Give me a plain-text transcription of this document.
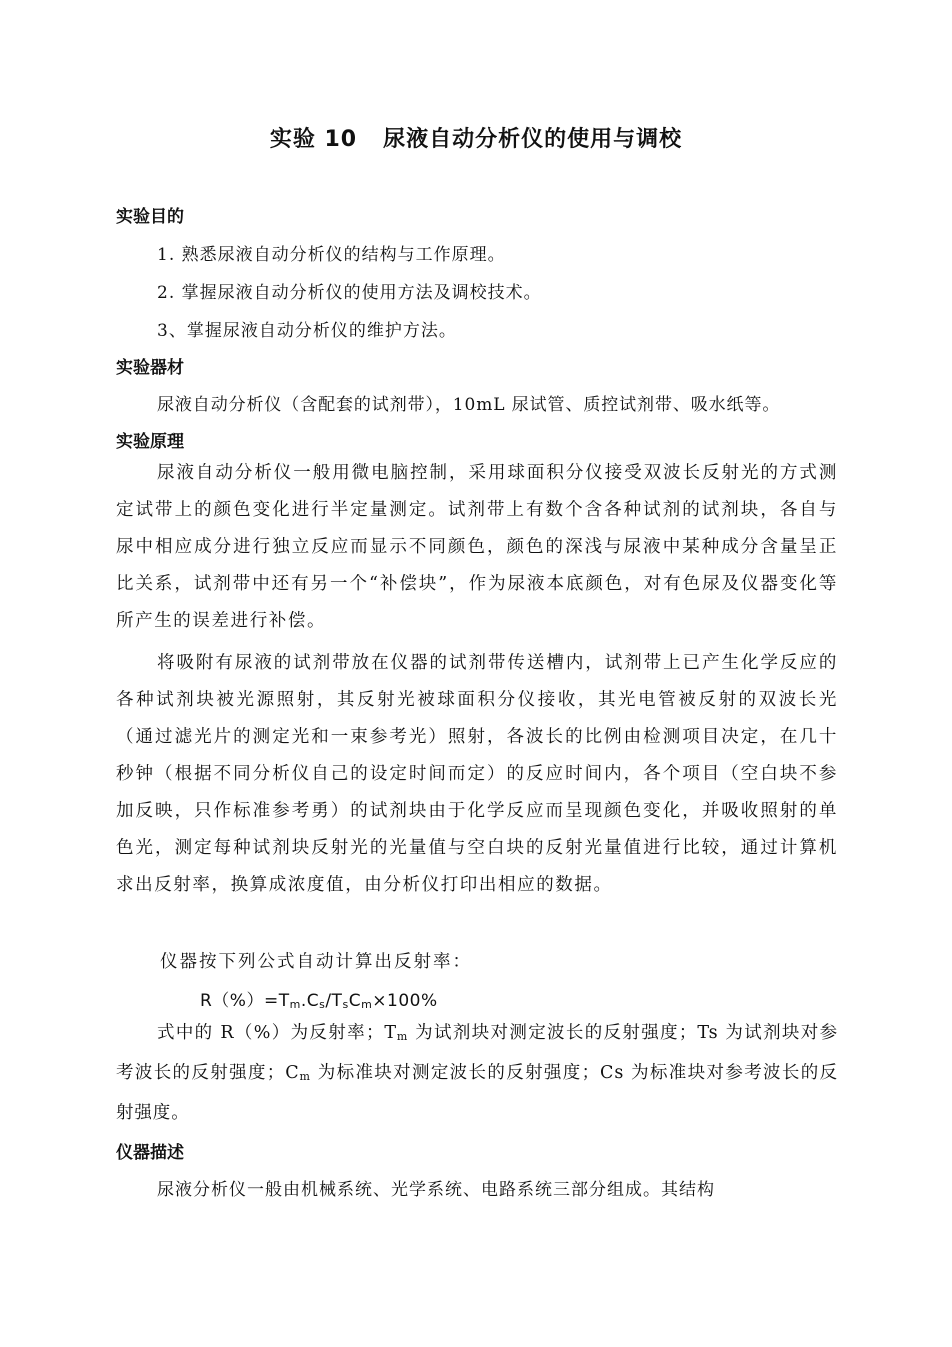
实验 10 尿液自动分析仪的使用与调校
实验目的
1. 熟悉尿液自动分析仪的结构与工作原理。
2. 掌握尿液自动分析仪的使用方法及调校技术。
3、掌握尿液自动分析仪的维护方法。
实验器材
尿液自动分析仪（含配套的试剂带），10mL 尿试管、质控试剂带、吸水纸等。
实验原理
尿液自动分析仪一般用微电脑控制，采用球面积分仪接受双波长反射光的方式测定试带上的颜色变化进行半定量测定。试剂带上有数个含各种试剂的试剂块，各自与尿中相应成分进行独立反应而显示不同颜色，颜色的深浅与尿液中某种成分含量呈正比关系，试剂带中还有另一个“补偿块”，作为尿液本底颜色，对有色尿及仪器变化等所产生的误差进行补偿。
将吸附有尿液的试剂带放在仪器的试剂带传送槽内，试剂带上已产生化学反应的各种试剂块被光源照射，其反射光被球面积分仪接收，其光电管被反射的双波长光（通过滤光片的测定光和一束参考光）照射，各波长的比例由检测项目决定，在几十秒钟（根据不同分析仪自己的设定时间而定）的反应时间内，各个项目（空白块不参加反映，只作标准参考勇）的试剂块由于化学反应而呈现颜色变化，并吸收照射的单色光，测定每种试剂块反射光的光量值与空白块的反射光量值进行比较，通过计算机求出反射率，换算成浓度值，由分析仪打印出相应的数据。
仪器按下列公式自动计算出反射率：
$R(\%)=T_m.C_s/T_sC_m\times 100\%$
式中的 R（%）为反射率；$T_m$ 为试剂块对测定波长的反射强度；Ts 为试剂块对参考波长的反射强度；$C_m$ 为标准块对测定波长的反射强度；Cs 为标准块对参考波长的反射强度。
仪器描述
尿液分析仪一般由机械系统、光学系统、电路系统三部分组成。其结构
